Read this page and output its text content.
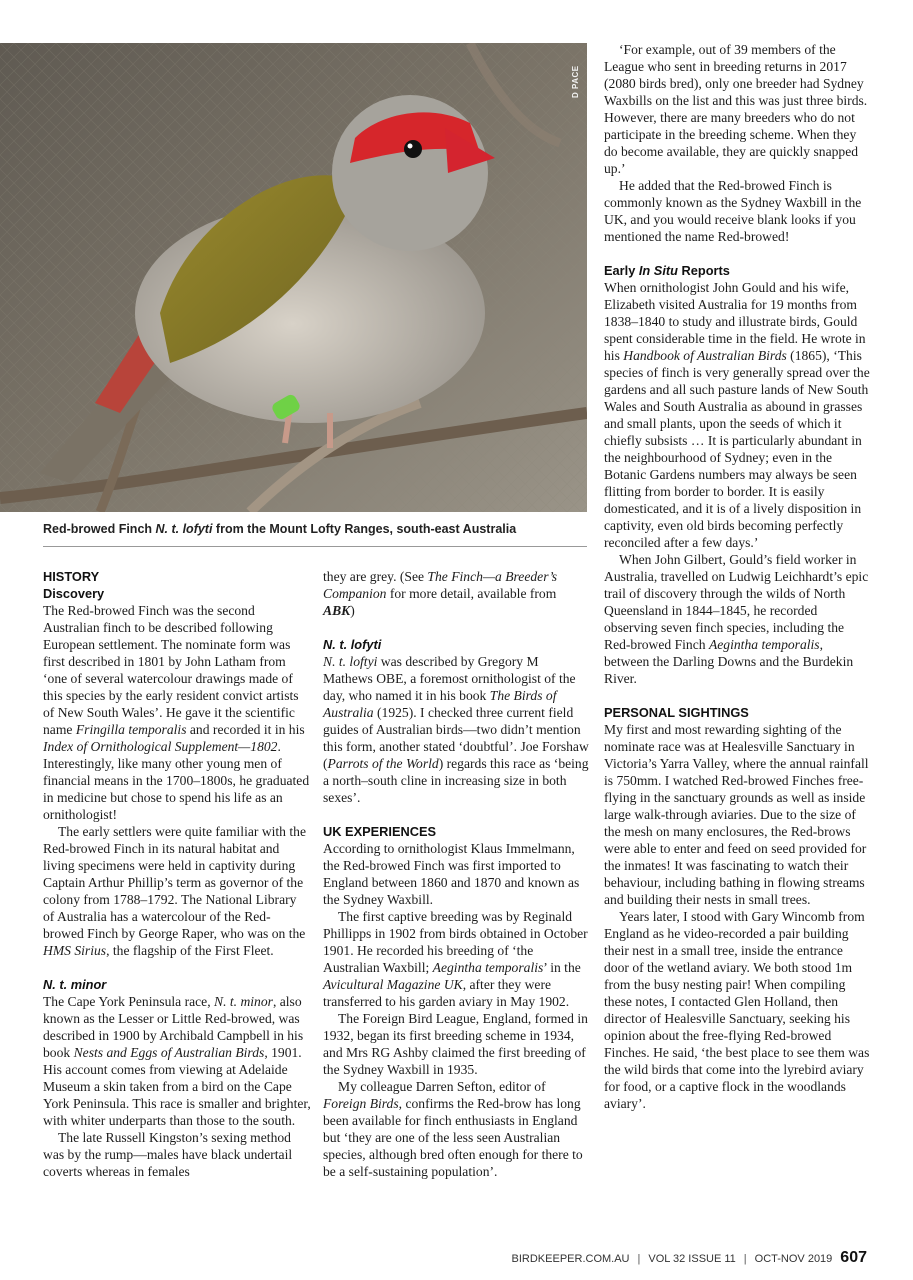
D PACE
Red-browed Finch N. t. lofyti from the Mount Lofty Ranges, south-east Australia
HISTORY
Discovery

The Red-browed Finch was the second Australian finch to be described following European settlement. The nominate form was first described in 1801 by John Latham from ‘one of several watercolour drawings made of this species by the early resident convict artists of New South Wales’. He gave it the scientific name Fringilla temporalis and recorded it in his Index of Ornithological Supplement—1802. Interestingly, like many other young men of financial means in the 1700–1800s, he graduated in medicine but chose to spend his life as an ornithologist!

The early settlers were quite familiar with the Red-browed Finch in its natural habitat and living specimens were held in captivity during Captain Arthur Phillip’s term as governor of the colony from 1788–1792. The National Library of Australia has a watercolour of the Red-browed Finch by George Raper, who was on the HMS Sirius, the flagship of the First Fleet.

N. t. minor

The Cape York Peninsula race, N. t. minor, also known as the Lesser or Little Red-browed, was described in 1900 by Archibald Campbell in his book Nests and Eggs of Australian Birds, 1901. His account comes from viewing at Adelaide Museum a skin taken from a bird on the Cape York Peninsula. This race is smaller and brighter, with whiter underparts than those to the south.

The late Russell Kingston’s sexing method was by the rump—males have black undertail coverts whereas in females

they are grey. (See The Finch—a Breeder’s Companion for more detail, available from ABK)

N. t. lofyti

N. t. loftyi was described by Gregory M Mathews OBE, a foremost ornithologist of the day, who named it in his book The Birds of Australia (1925). I checked three current field guides of Australian birds—two didn’t mention this form, another stated ‘doubtful’. Joe Forshaw (Parrots of the World) regards this race as ‘being a north–south cline in increasing size in both sexes’.

UK EXPERIENCES

According to ornithologist Klaus Immelmann, the Red-browed Finch was first imported to England between 1860 and 1870 and known as the Sydney Waxbill.

The first captive breeding was by Reginald Phillipps in 1902 from birds obtained in October 1901. He recorded his breeding of ‘the Australian Waxbill; Aegintha temporalis’ in the Avicultural Magazine UK, after they were transferred to his garden aviary in May 1902.

The Foreign Bird League, England, formed in 1932, began its first breeding scheme in 1934, and Mrs RG Ashby claimed the first breeding of the Sydney Waxbill in 1935.

My colleague Darren Sefton, editor of Foreign Birds, confirms the Red-brow has long been available for finch enthusiasts in England but ‘they are one of the less seen Australian species, although bred often enough for there to be a self-sustaining population’.

‘For example, out of 39 members of the League who sent in breeding returns in 2017 (2080 birds bred), only one breeder had Sydney Waxbills on the list and this was just three birds. However, there are many breeders who do not participate in the breeding scheme. When they do become available, they are quickly snapped up.’

He added that the Red-browed Finch is commonly known as the Sydney Waxbill in the UK, and you would receive blank looks if you mentioned the name Red-browed!

Early In Situ Reports

When ornithologist John Gould and his wife, Elizabeth visited Australia for 19 months from 1838–1840 to study and illustrate birds, Gould spent considerable time in the field. He wrote in his Handbook of Australian Birds (1865), ‘This species of finch is very generally spread over the gardens and all such pasture lands of New South Wales and South Australia as abound in grasses and small plants, upon the seeds of which it chiefly subsists … It is particularly abundant in the neighbourhood of Sydney; even in the Botanic Gardens numbers may always be seen flitting from border to border. It is easily domesticated, and it is of a lively disposition in captivity, even old birds becoming perfectly reconciled after a few days.’

When John Gilbert, Gould’s field worker in Australia, travelled on Ludwig Leichhardt’s epic trail of discovery through the wilds of North Queensland in 1844–1845, he recorded observing seven finch species, including the Red-browed Finch Aegintha temporalis, between the Darling Downs and the Burdekin River.

PERSONAL SIGHTINGS

My first and most rewarding sighting of the nominate race was at Healesville Sanctuary in Victoria’s Yarra Valley, where the annual rainfall is 750mm. I watched Red-browed Finches free-flying in the sanctuary grounds as well as inside large walk-through aviaries. Due to the size of the mesh on many enclosures, the Red-brows were able to enter and feed on seed provided for the inmates! It was fascinating to watch their behaviour, including bathing in flowing streams and building their nests in small trees.

Years later, I stood with Gary Wincomb from England as he video-recorded a pair building their nest in a small tree, inside the entrance door of the wetland aviary. We both stood 1m from the busy nesting pair! When compiling these notes, I contacted Glen Holland, then director of Healesville Sanctuary, seeking his opinion about the free-flying Red-browed Finches. He said, ‘the best place to see them was the wild birds that come into the lyrebird aviary for food, or a captive flock in the woodlands aviary’.

BIRDKEEPER.COM.AU | VOL 32 ISSUE 11 | OCT-NOV 2019 607
